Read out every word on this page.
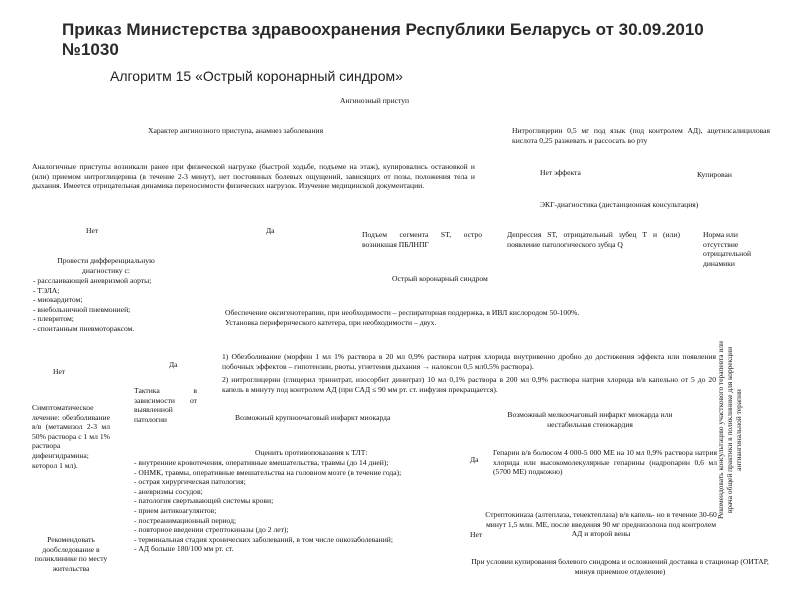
Приказ Министерства здравоохранения Республики Беларусь от 30.09.2010 №1030
Алгоритм 15 «Острый коронарный синдром»
Ангинозный приступ
Характер ангинозного приступа, анамнез заболевания	Нитроглицерин 0,5 мг под язык (под контролем АД), ацетилсалициловая кислота 0,25 разжевать и рассосать во рту
Аналогичные приступы возникали ранее при физической нагрузке (быстрой ходьбе, подъеме на этаж), купировались остановкой и (или) приемом нитроглицерина (в течение 2-3 минут), нет постоянных болевых ощущений, зависящих от позы, положения тела и дыхания. Имеется отрицательная динамика переносимости физических нагрузок. Изучение медицинской документации.
Нет эффекта	Купирован
ЭКГ-диагностика (дистанционная консультация)
Нет	Да	Подъем сегмента ST, остро возникшая ПБЛНПГ
Депрессия ST, отрицательный зубец Т и (или) появление патологического зубца Q
Норма или отсутствие отрицательной динамики
Провести дифференциальную диагностику с:
- расслаивающей аневризмой аорты;
- ТЭЛА;
- миокардитом;
- внебольничной пневмонией;
- плевритом;
- спонтанным пневмотораксом.
Острый коронарный синдром
Обеспечение оксигенотерапии, при необходимости – респираторная поддержка, в ИВЛ кислородом 50-100%.
Установка периферического катетера, при необходимости – двух.
Нет
Да
1) Обезболивание (морфин 1 мл 1% раствора в 20 мл 0,9% раствора натрия хлорида внутривенно дробно до достижения эффекта или появления побочных эффектов – гипотензии, рвоты, угнетения дыхания → налоксон 0,5 мл0,5% раствора).
2) нитроглицерин (глицерил тринитрат, изосорбит динитрат) 10 мл 0,1% раствора в 200 мл 0,9% раствора натрия хлорида в/в капельно от 5 до 20 капель в минуту под контролем АД (при САД ≤ 90 мм рт. ст. инфузия прекращается).
Тактика в зависимости от выявленной патологии	Возможный крупноочаговый инфаркт миокарда	Возможный мелкоочаговый инфаркт миокарда или нестабильная стенокардия
Симптоматическое лечение: обезболивание в/в (метамизол 2-3 мл 50% раствора с 1 мл 1% раствора дифенгидрамина; кеторол 1 мл).
Оценить противопоказания к ТЛТ:
- внутренние кровотечения, оперативные вмешательства, травмы (до 14 дней);
- ОНМК, травмы, оперативные вмешательства на головном мозге (в течение года);
- острая хирургическая патология;
- аневризмы сосудов;
- патология свертывающей системы крови;
- прием антикоагулянтов;
- постреанимационный период;
- повторное введении стрептокиназы (до 2 лет);
- терминальная стадия хронических заболеваний, в том числе онкозаболеваний;
- АД больше 180/100 мм рт. ст.
Да
Гепарин в/в болюсом 4 000-5 000 МЕ на 10 мл 0,9% раствора натрия хлорида или высокомолекулярные гепарины (надропарин 0,6 мл (5700 МЕ) подкожно)
Нет
Стрептокиназа (алтеплаза, тенектеплаза) в/в капель- но в течение 30-60 минут 1,5 млн. МЕ, после введения 90 мг преднизолона под контролем АД и второй вены
Рекомендовать дообследование в поликлинике по месту жительства
При условии купирования болевого синдрома и осложнений доставка в стационар (ОИТАР, минуя приемное отделение)
Рекомендовать консультацию участкового терапевта или врача общей практики в поликлинике для коррекции антиангинальной терапии
